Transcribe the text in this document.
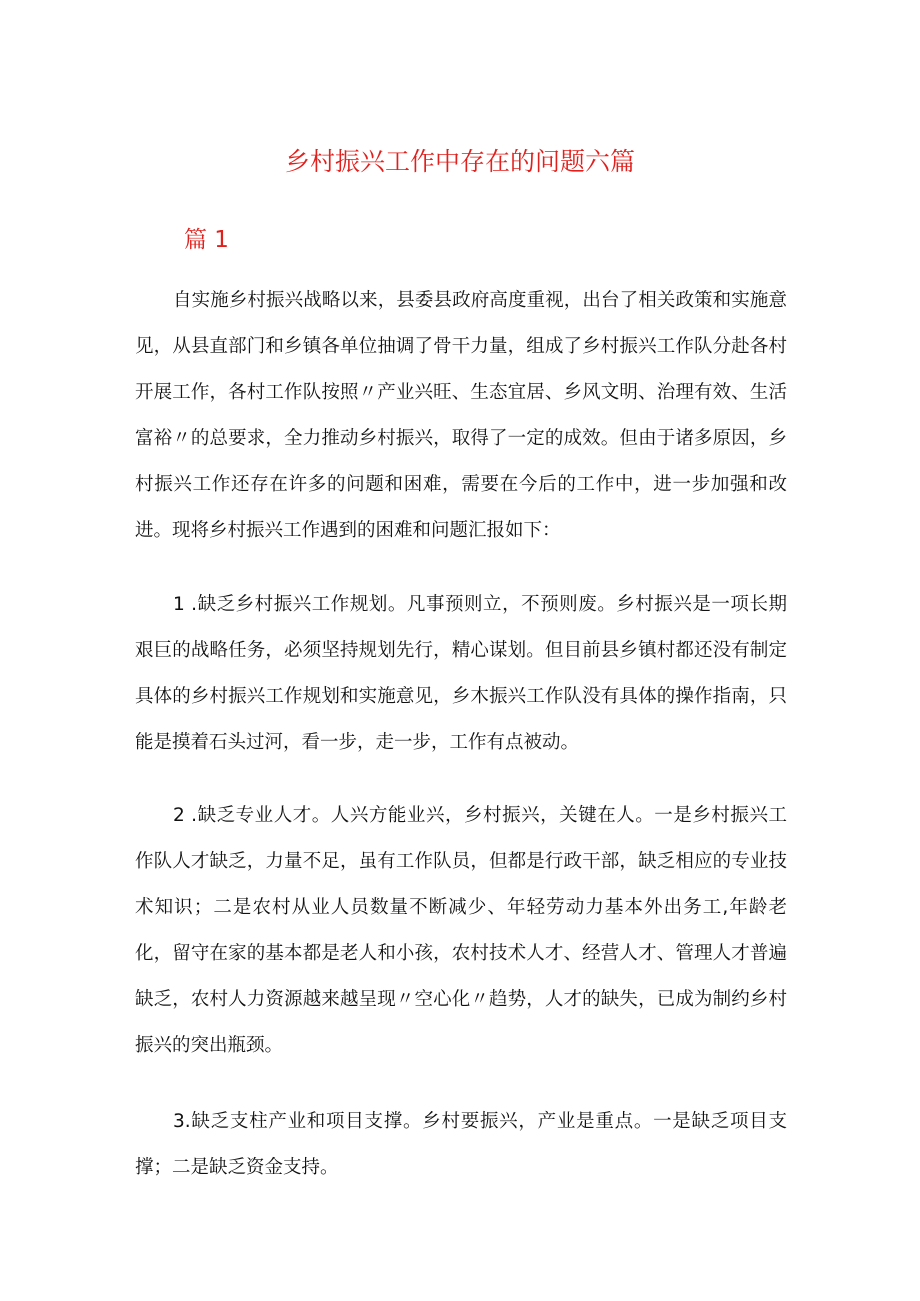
乡村振兴工作中存在的问题六篇
篇 1

自实施乡村振兴战略以来，县委县政府高度重视，出台了相关政策和实施意见，从县直部门和乡镇各单位抽调了骨干力量，组成了乡村振兴工作队分赴各村开展工作，各村工作队按照〃产业兴旺、生态宜居、乡风文明、治理有效、生活富裕〃的总要求，全力推动乡村振兴，取得了一定的成效。但由于诸多原因，乡村振兴工作还存在许多的问题和困难，需要在今后的工作中，进一步加强和改进。现将乡村振兴工作遇到的困难和问题汇报如下：

1 .缺乏乡村振兴工作规划。凡事预则立，不预则废。乡村振兴是一项长期艰巨的战略任务，必须坚持规划先行，精心谋划。但目前县乡镇村都还没有制定具体的乡村振兴工作规划和实施意见，乡木振兴工作队没有具体的操作指南，只能是摸着石头过河，看一步，走一步，工作有点被动。

2 .缺乏专业人才。人兴方能业兴，乡村振兴，关键在人。一是乡村振兴工作队人才缺乏，力量不足，虽有工作队员，但都是行政干部，缺乏相应的专业技术知识；二是农村从业人员数量不断减少、年轻劳动力基本外出务工,年龄老化，留守在家的基本都是老人和小孩，农村技术人才、经营人才、管理人才普遍缺乏，农村人力资源越来越呈现〃空心化〃趋势，人才的缺失，已成为制约乡村振兴的突出瓶颈。

3.缺乏支柱产业和项目支撑。乡村要振兴，产业是重点。一是缺乏项目支撑；二是缺乏资金支持。
